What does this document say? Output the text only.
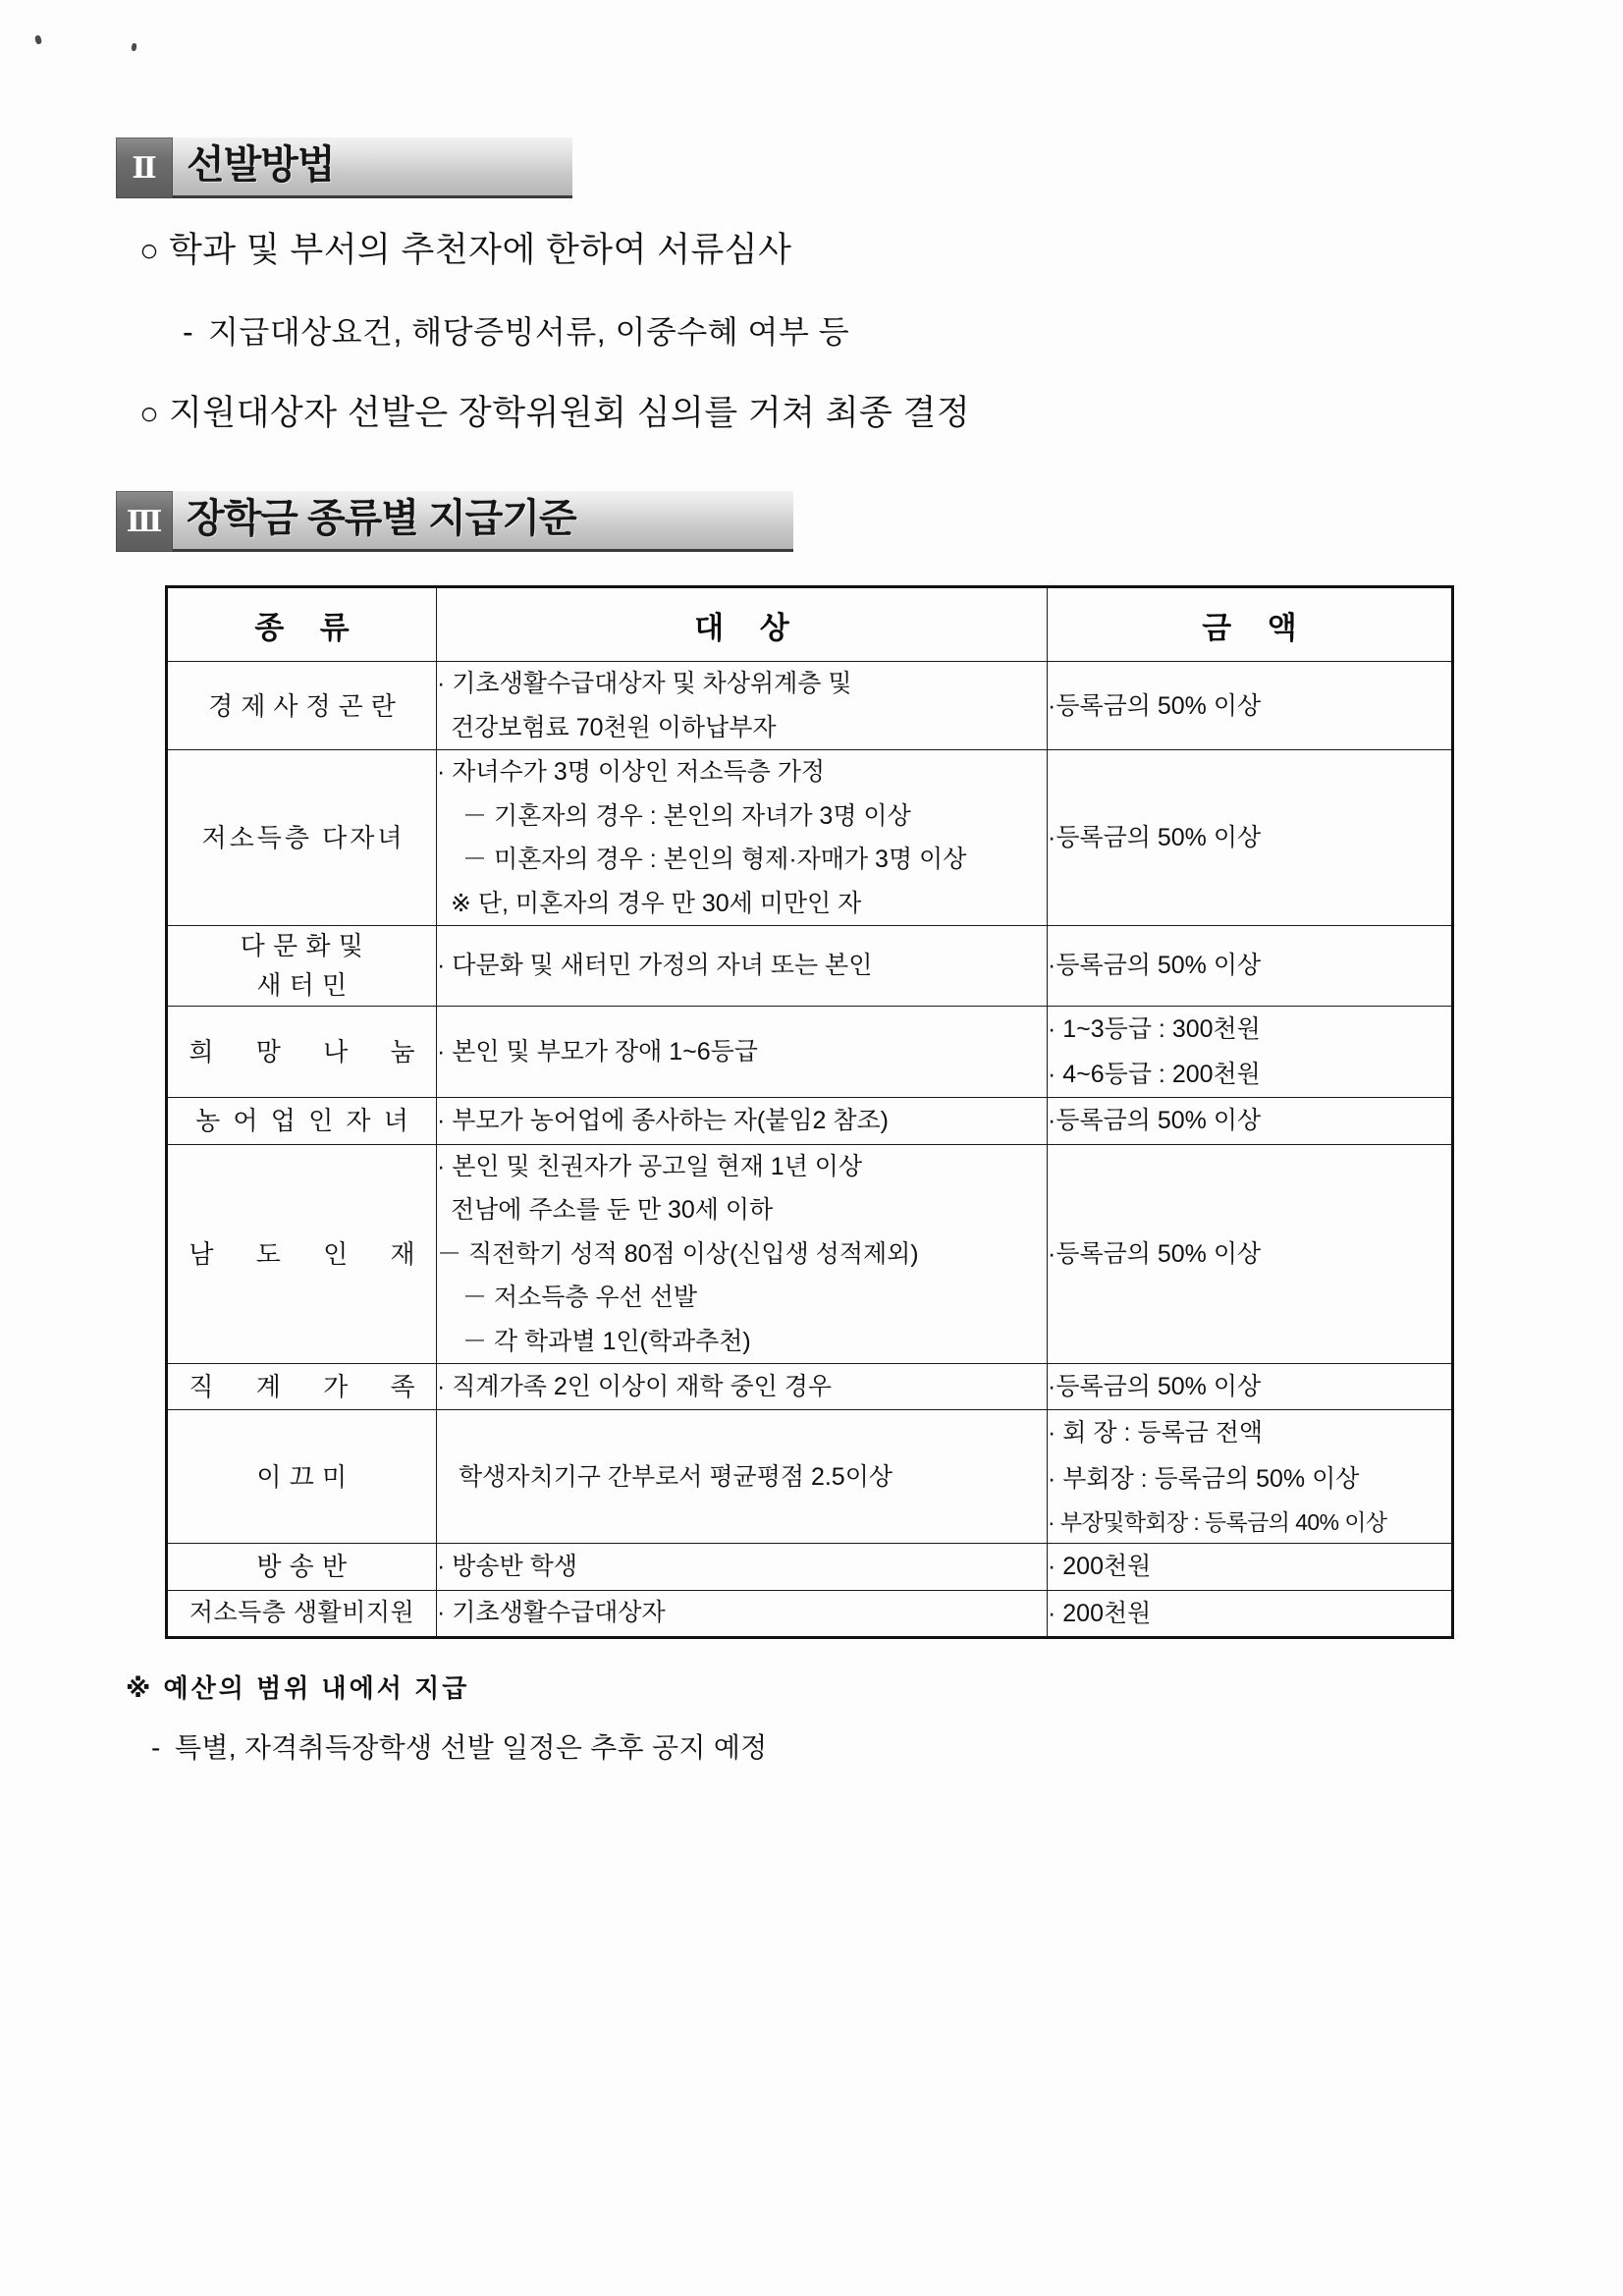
Ⅱ 선발방법
○ 학과 및 부서의 추천자에 한하여 서류심사
- 지급대상요건, 해당증빙서류, 이중수혜 여부 등
○ 지원대상자 선발은 장학위원회 심의를 거쳐 최종 결정
Ⅲ 장학금 종류별 지급기준
종 류	대 상	금 액

경제사정곤란	· 기초생활수급대상자 및 차상위계층 및
건강보험료 70천원 이하납부자	·등록금의 50% 이상

저소득층 다자녀	· 자녀수가 3명 이상인 저소득층 가정
－ 기혼자의 경우 : 본인의 자녀가 3명 이상
－ 미혼자의 경우 : 본인의 형제·자매가 3명 이상
※ 단, 미혼자의 경우 만 30세 미만인 자	·등록금의 50% 이상

다 문 화 및
새 터 민	· 다문화 및 새터민 가정의 자녀 또는 본인	·등록금의 50% 이상

희 망 나 눔	· 본인 및 부모가 장애 1~6등급	· 1~3등급 : 300천원
· 4~6등급 : 200천원

농 어 업 인 자 녀	· 부모가 농어업에 종사하는 자(붙임2 참조)	·등록금의 50% 이상

남 도 인 재	· 본인 및 친권자가 공고일 현재 1년 이상
전남에 주소를 둔 만 30세 이하
－ 직전학기 성적 80점 이상(신입생 성적제외)
－ 저소득층 우선 선발
－ 각 학과별 1인(학과추천)	·등록금의 50% 이상

직 계 가 족	· 직계가족 2인 이상이 재학 중인 경우	·등록금의 50% 이상

이 끄 미	학생자치기구 간부로서 평균평점 2.5이상	· 회 장 : 등록금 전액
· 부회장 : 등록금의 50% 이상
· 부장및학회장 : 등록금의 40% 이상

방 송 반	· 방송반 학생	· 200천원

저소득층 생활비지원	· 기초생활수급대상자	· 200천원
※ 예산의 범위 내에서 지급
- 특별, 자격취득장학생 선발 일정은 추후 공지 예정
